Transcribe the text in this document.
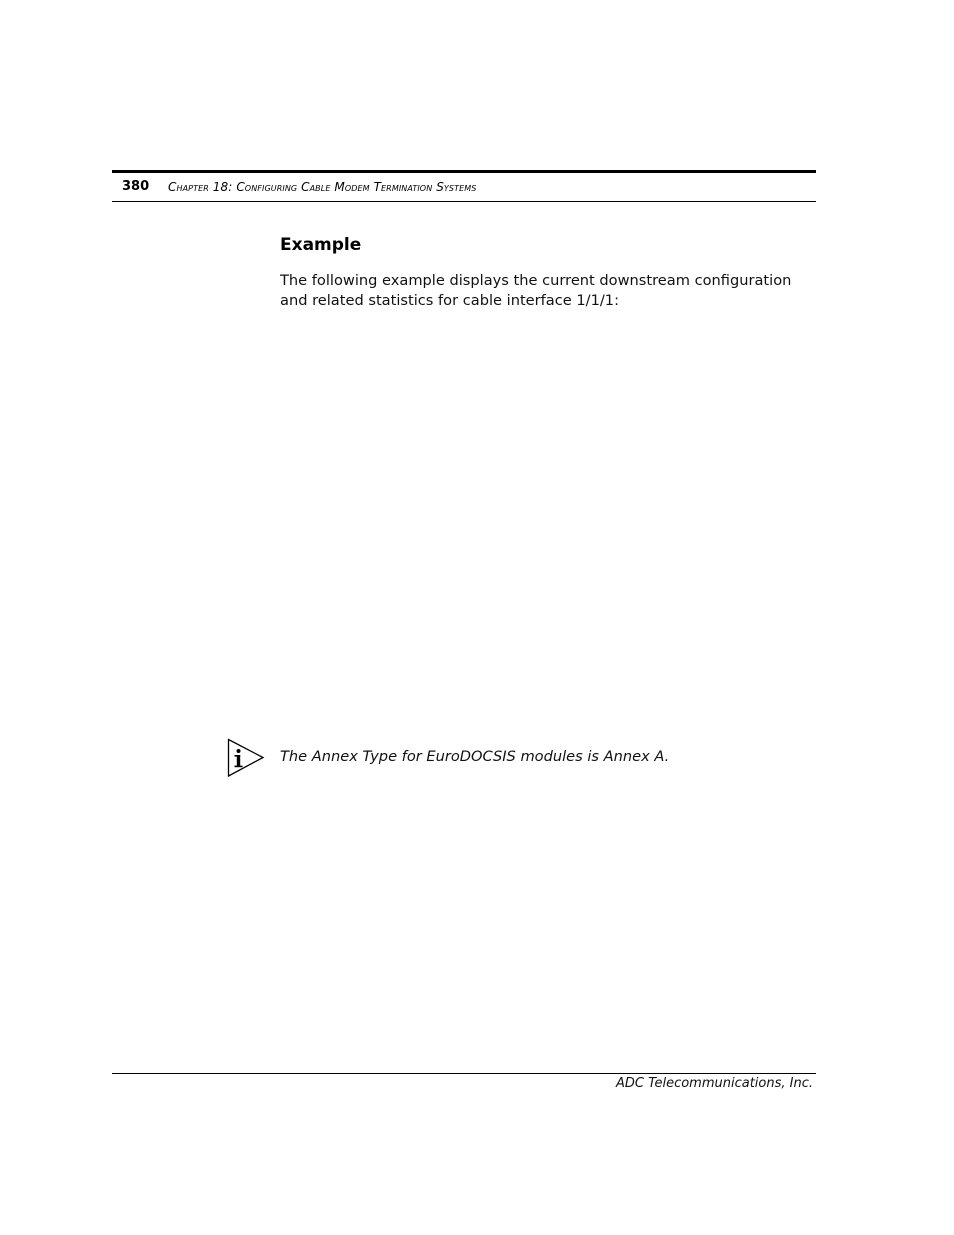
380 Chapter 18: Configuring Cable Modem Termination Systems
Example

The following example displays the current downstream configuration and related statistics for cable interface 1/1/1:

The Annex Type for EuroDOCSIS modules is Annex A.

ADC Telecommunications, Inc.
